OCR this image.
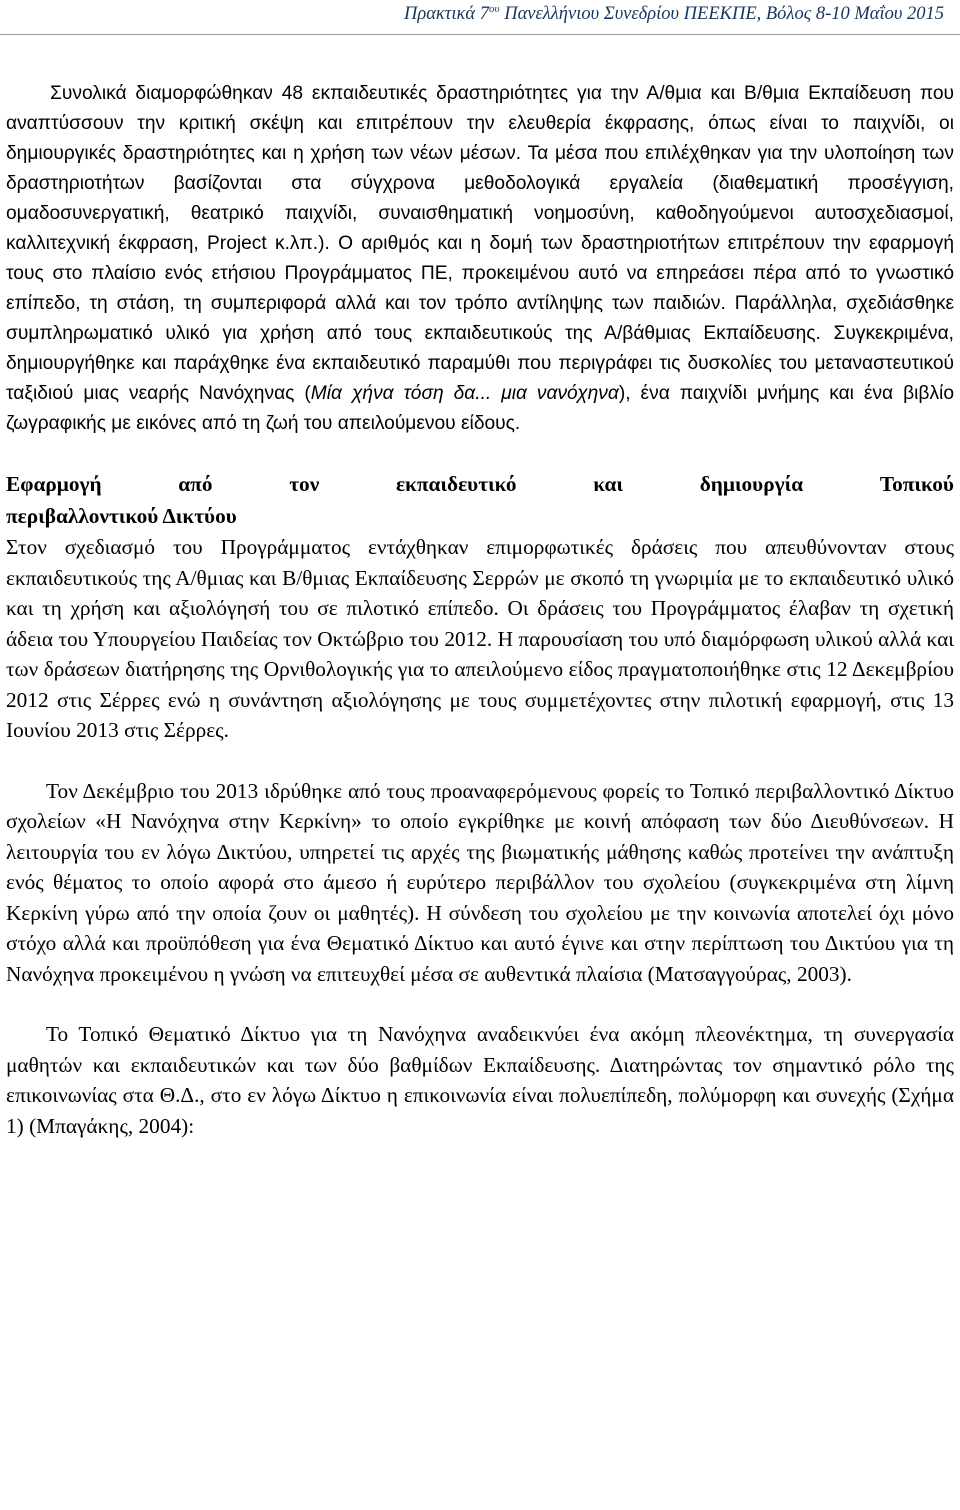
Πρακτικά $7^{o\upsilon}$ Πανελλήνιου Συνεδρίου ΠΕΕΚΠΕ, Βόλος 8-10 Μαΐου 2015

Συνολικά διαμορφώθηκαν 48 εκπαιδευτικές δραστηριότητες για την Α/θμια και Β/θμια Εκπαίδευση που αναπτύσσουν την κριτική σκέψη και επιτρέπουν την ελευθερία έκφρασης, όπως είναι το παιχνίδι, οι δημιουργικές δραστηριότητες και η χρήση των νέων μέσων. Τα μέσα που επιλέχθηκαν για την υλοποίηση των δραστηριοτήτων βασίζονται στα σύγχρονα μεθοδολογικά εργαλεία (διαθεματική προσέγγιση, ομαδοσυνεργατική, θεατρικό παιχνίδι, συναισθηματική νοημοσύνη, καθοδηγούμενοι αυτοσχεδιασμοί, καλλιτεχνική έκφραση, Project κ.λπ.). Ο αριθμός και η δομή των δραστηριοτήτων επιτρέπουν την εφαρμογή τους στο πλαίσιο ενός ετήσιου Προγράμματος ΠΕ, προκειμένου αυτό να επηρεάσει πέρα από το γνωστικό επίπεδο, τη στάση, τη συμπεριφορά αλλά και τον τρόπο αντίληψης των παιδιών. Παράλληλα, σχεδιάσθηκε συμπληρωματικό υλικό για χρήση από τους εκπαιδευτικούς της Α/βάθμιας Εκπαίδευσης. Συγκεκριμένα, δημιουργήθηκε και παράχθηκε ένα εκπαιδευτικό παραμύθι που περιγράφει τις δυσκολίες του μεταναστευτικού ταξιδιού μιας νεαρής Νανόχηνας (Μία χήνα τόση δα... μια νανόχηνα), ένα παιχνίδι μνήμης και ένα βιβλίο ζωγραφικής με εικόνες από τη ζωή του απειλούμενου είδους.

Εφαρμογή	από	τον	εκπαιδευτικό	και	δημιουργία	Τοπικού
περιβαλλοντικού Δικτύου

Στον σχεδιασμό του Προγράμματος εντάχθηκαν επιμορφωτικές δράσεις που απευθύνονταν στους εκπαιδευτικούς της Α/θμιας και Β/θμιας Εκπαίδευσης Σερρών με σκοπό τη γνωριμία με το εκπαιδευτικό υλικό και τη χρήση και αξιολόγησή του σε πιλοτικό επίπεδο. Οι δράσεις του Προγράμματος έλαβαν τη σχετική άδεια του Υπουργείου Παιδείας τον Οκτώβριο του 2012. Η παρουσίαση του υπό διαμόρφωση υλικού αλλά και των δράσεων διατήρησης της Ορνιθολογικής για το απειλούμενο είδος πραγματοποιήθηκε στις 12 Δεκεμβρίου 2012 στις Σέρρες ενώ η συνάντηση αξιολόγησης με τους συμμετέχοντες στην πιλοτική εφαρμογή, στις 13 Ιουνίου 2013 στις Σέρρες.

Τον Δεκέμβριο του 2013 ιδρύθηκε από τους προαναφερόμενους φορείς το Τοπικό περιβαλλοντικό Δίκτυο σχολείων «Η Νανόχηνα στην Κερκίνη» το οποίο εγκρίθηκε με κοινή απόφαση των δύο Διευθύνσεων. Η λειτουργία του εν λόγω Δικτύου, υπηρετεί τις αρχές της βιωματικής μάθησης καθώς προτείνει την ανάπτυξη ενός θέματος το οποίο αφορά στο άμεσο ή ευρύτερο περιβάλλον του σχολείου (συγκεκριμένα στη λίμνη Κερκίνη γύρω από την οποία ζουν οι μαθητές). Η σύνδεση του σχολείου με την κοινωνία αποτελεί όχι μόνο στόχο αλλά και προϋπόθεση για ένα Θεματικό Δίκτυο και αυτό έγινε και στην περίπτωση του Δικτύου για τη Νανόχηνα προκειμένου η γνώση να επιτευχθεί μέσα σε αυθεντικά πλαίσια (Ματσαγγούρας, 2003).

Το Τοπικό Θεματικό Δίκτυο για τη Νανόχηνα αναδεικνύει ένα ακόμη πλεονέκτημα, τη συνεργασία μαθητών και εκπαιδευτικών και των δύο βαθμίδων Εκπαίδευσης. Διατηρώντας τον σημαντικό ρόλο της επικοινωνίας στα Θ.Δ., στο εν λόγω Δίκτυο η επικοινωνία είναι πολυεπίπεδη, πολύμορφη και συνεχής (Σχήμα 1) (Μπαγάκης, 2004):
